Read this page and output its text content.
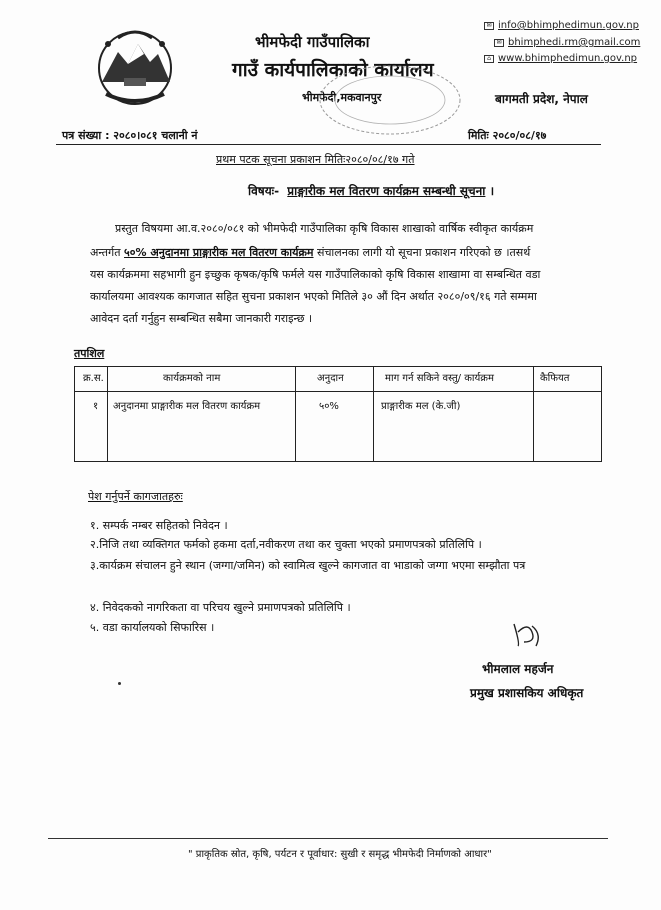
भीमफेदी गाउँपालिका
गाउँ कार्यपालिकाको कार्यालय
भीमफेदी,मकवानपुर
✉ info@bhimphedimun.gov.np
✉ bhimphedi.rm@gmail.com
⌂ www.bhimphedimun.gov.np
बागमती प्रदेश, नेपाल
पत्र संख्या : २०८०।०८१ चलानी नं	मितिः २०८०/०८/१७
प्रथम पटक सूचना प्रकाशन मितिः२०८०/०८/१७ गते
विषयः- प्राङ्गारीक मल वितरण कार्यक्रम सम्बन्धी सूचना ।
प्रस्तुत विषयमा आ.व.२०८०/०८१ को भीमफेदी गाउँपालिका कृषि विकास शाखाको वार्षिक स्वीकृत कार्यक्रम
अन्तर्गत ५०% अनुदानमा प्राङ्गारीक मल वितरण कार्यक्रम संचालनका लागी यो सूचना प्रकाशन गरिएको छ ।तसर्थ
यस कार्यक्रममा सहभागी हुन इच्छुक कृषक/कृषि फर्मले यस गाउँपालिकाको कृषि विकास शाखामा वा सम्बन्धित वडा
कार्यालयमा आवश्यक कागजात सहित सुचना प्रकाशन भएको मितिले ३० औं दिन अर्थात २०८०/०९/१६ गते सम्ममा
आवेदन दर्ता गर्नुहुन सम्बन्धित सबैमा जानकारी गराइन्छ ।
तपशिल
क्र.स.	कार्यक्रमको नाम	अनुदान	माग गर्न सकिने वस्तु/ कार्यक्रम	कैफियत
१ अनुदानमा प्राङ्गारीक मल वितरण कार्यक्रम	५०%	प्राङ्गारीक मल (के.जी)
पेश गर्नुपर्ने कागजातहरुः
१. सम्पर्क नम्बर सहितको निवेदन ।
२.निजि तथा व्यक्तिगत फर्मको हकमा दर्ता,नवीकरण तथा कर चुक्ता भएको प्रमाणपत्रको प्रतिलिपि ।
३.कार्यक्रम संचालन हुने स्थान (जग्गा/जमिन) को स्वामित्व खुल्ने कागजात वा भाडाको जग्गा भएमा सम्झौता पत्र
४. निवेदकको नागरिकता वा परिचय खुल्ने प्रमाणपत्रको प्रतिलिपि ।
५. वडा कार्यालयको सिफारिस ।
भीमलाल महर्जन
प्रमुख प्रशासकिय अधिकृत
" प्राकृतिक स्रोत, कृषि, पर्यटन र पूर्वाधार: सुखी र समृद्ध भीमफेदी निर्माणको आधार"
